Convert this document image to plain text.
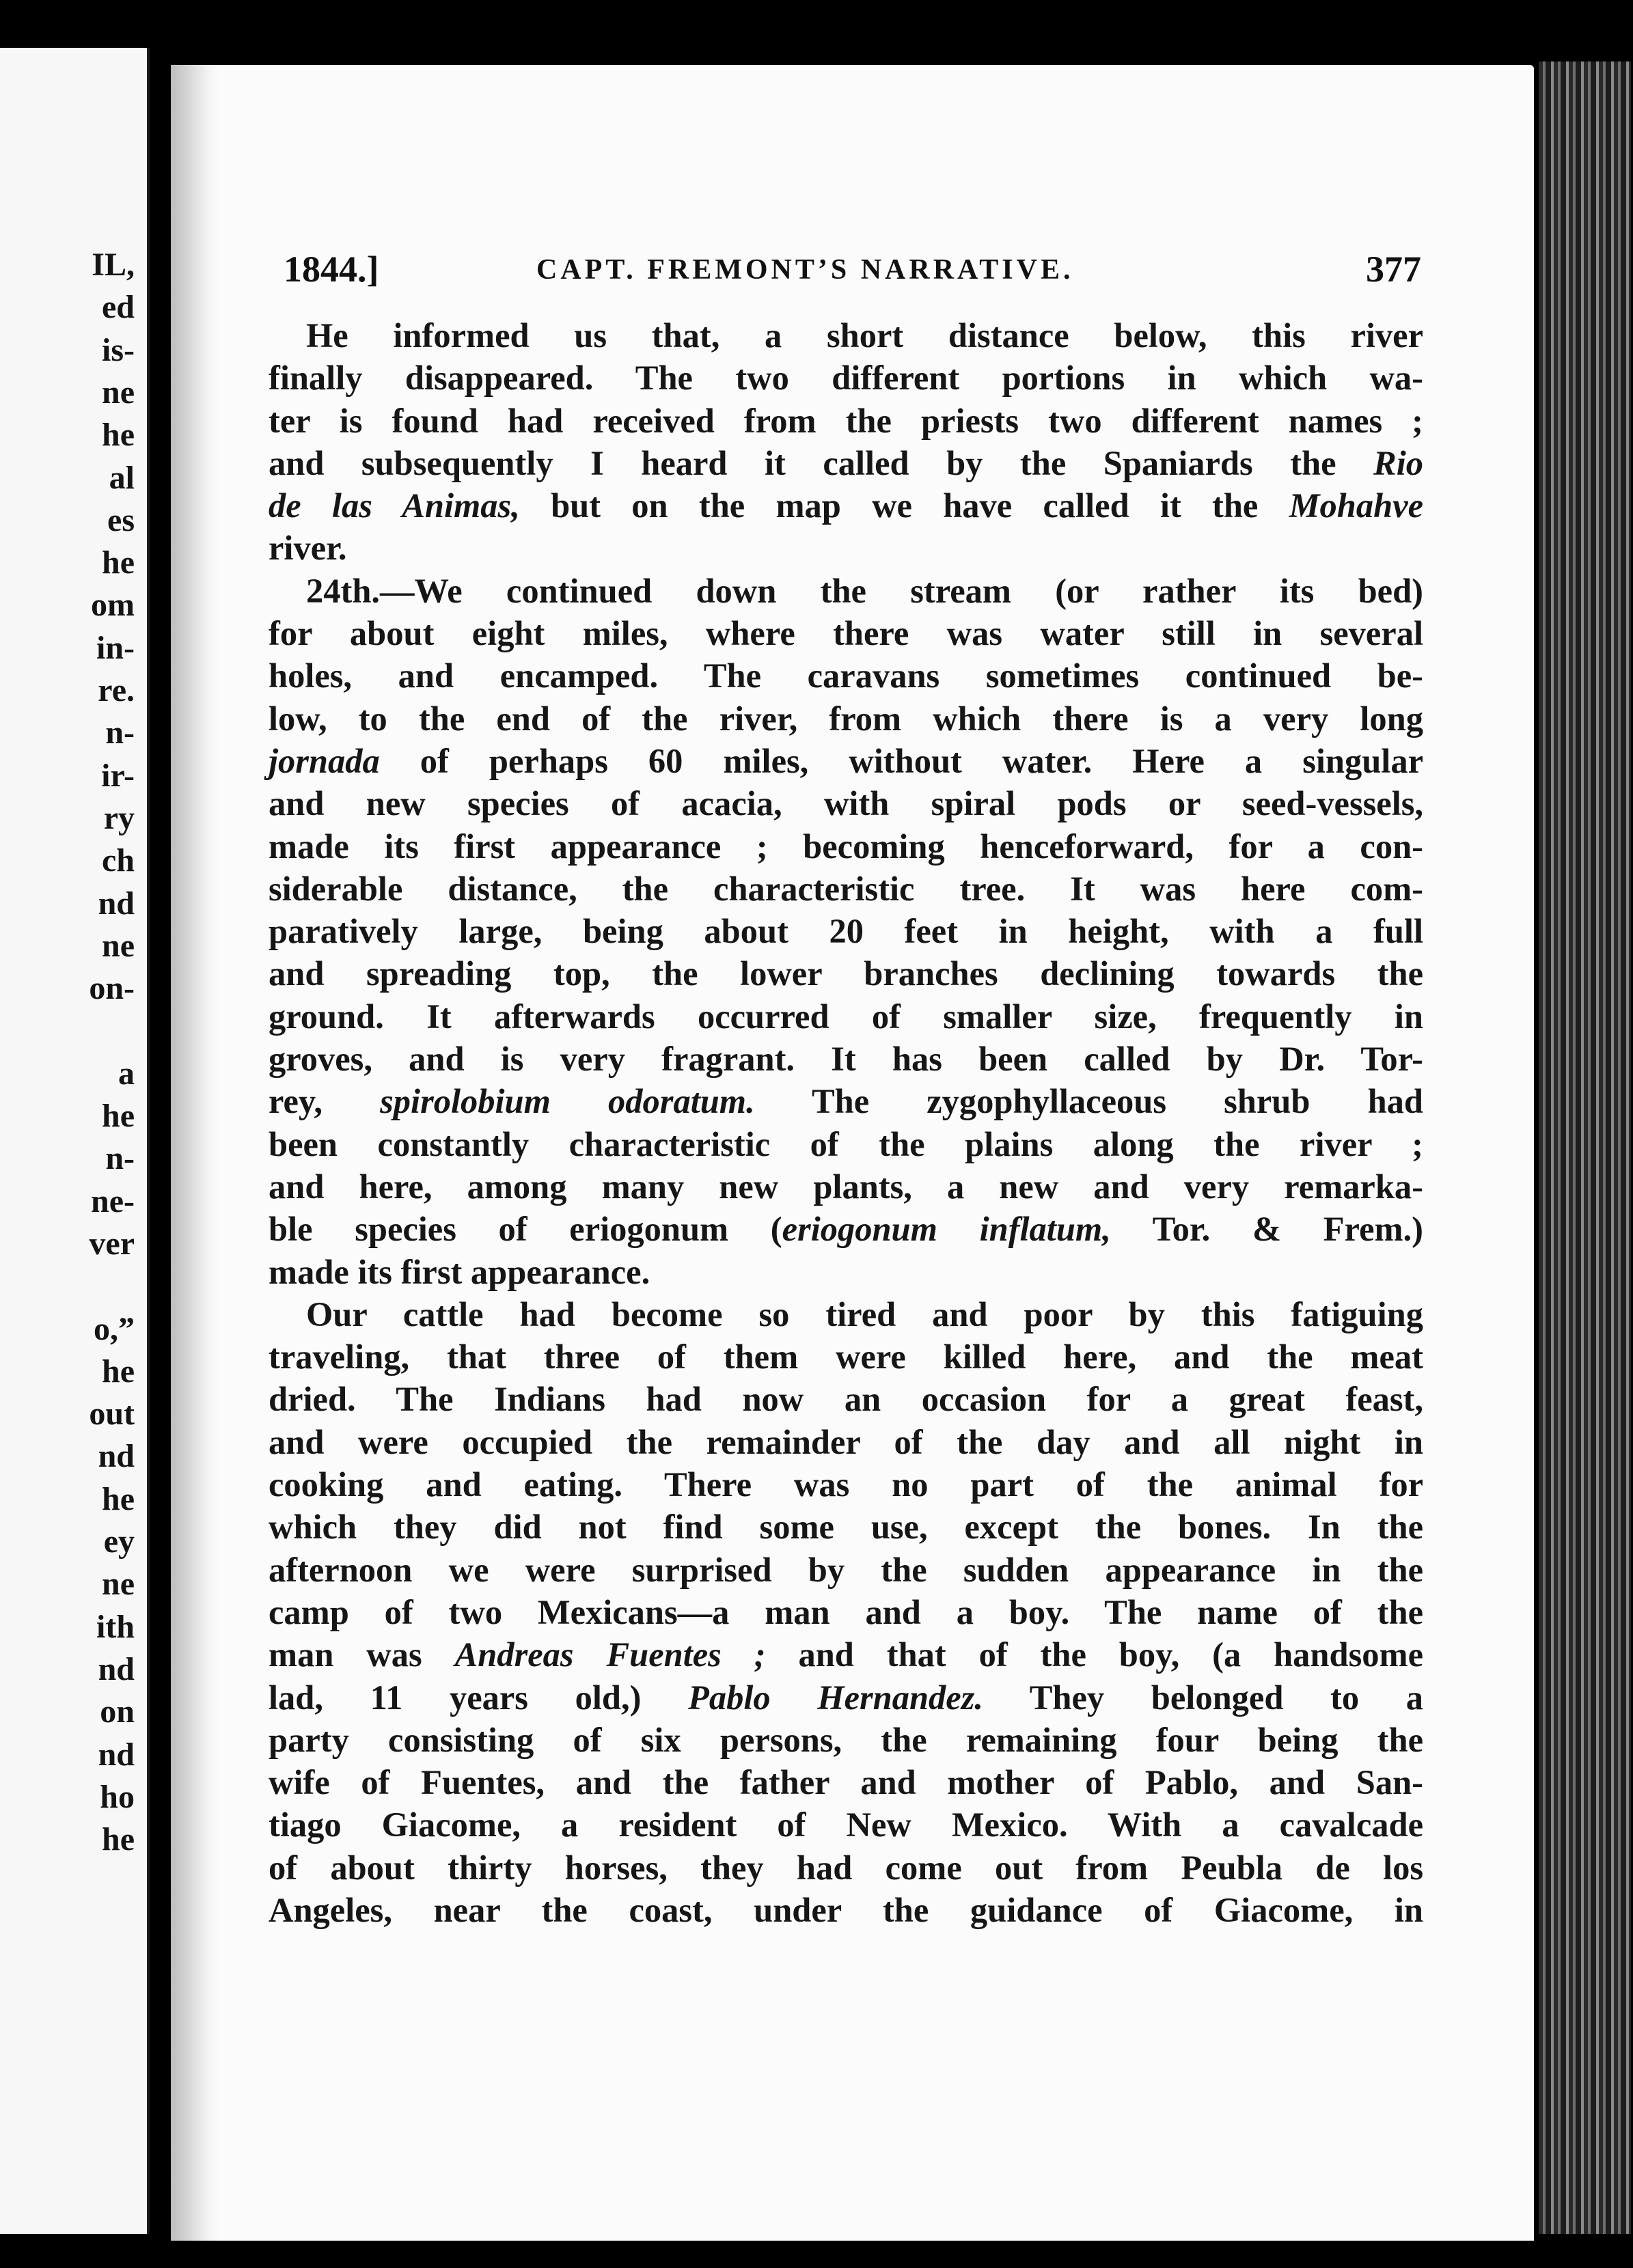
IL,
ed
is-
ne
he
al
es
he
om
in-
re.
n-
ir-
ry
ch
nd
ne
on-
a
he
n-
ne-
ver
o,”
he
out
nd
he
ey
ne
ith
nd
on
nd
ho
he
1844.]	CAPT. FREMONT’S NARRATIVE.	377
He informed us that, a short distance below, this river
finally disappeared. The two different portions in which wa-
ter is found had received from the priests two different names ;
and subsequently I heard it called by the Spaniards the Rio
de las Animas, but on the map we have called it the Mohahve
river.
24th.—We continued down the stream (or rather its bed)
for about eight miles, where there was water still in several
holes, and encamped. The caravans sometimes continued be-
low, to the end of the river, from which there is a very long
jornada of perhaps 60 miles, without water. Here a singular
and new species of acacia, with spiral pods or seed-vessels,
made its first appearance ; becoming henceforward, for a con-
siderable distance, the characteristic tree. It was here com-
paratively large, being about 20 feet in height, with a full
and spreading top, the lower branches declining towards the
ground. It afterwards occurred of smaller size, frequently in
groves, and is very fragrant. It has been called by Dr. Tor-
rey, spirolobium odoratum. The zygophyllaceous shrub had
been constantly characteristic of the plains along the river ;
and here, among many new plants, a new and very remarka-
ble species of eriogonum (eriogonum inflatum, Tor. & Frem.)
made its first appearance.
Our cattle had become so tired and poor by this fatiguing
traveling, that three of them were killed here, and the meat
dried. The Indians had now an occasion for a great feast,
and were occupied the remainder of the day and all night in
cooking and eating. There was no part of the animal for
which they did not find some use, except the bones. In the
afternoon we were surprised by the sudden appearance in the
camp of two Mexicans—a man and a boy. The name of the
man was Andreas Fuentes ; and that of the boy, (a handsome
lad, 11 years old,) Pablo Hernandez. They belonged to a
party consisting of six persons, the remaining four being the
wife of Fuentes, and the father and mother of Pablo, and San-
tiago Giacome, a resident of New Mexico. With a cavalcade
of about thirty horses, they had come out from Peubla de los
Angeles, near the coast, under the guidance of Giacome, in
